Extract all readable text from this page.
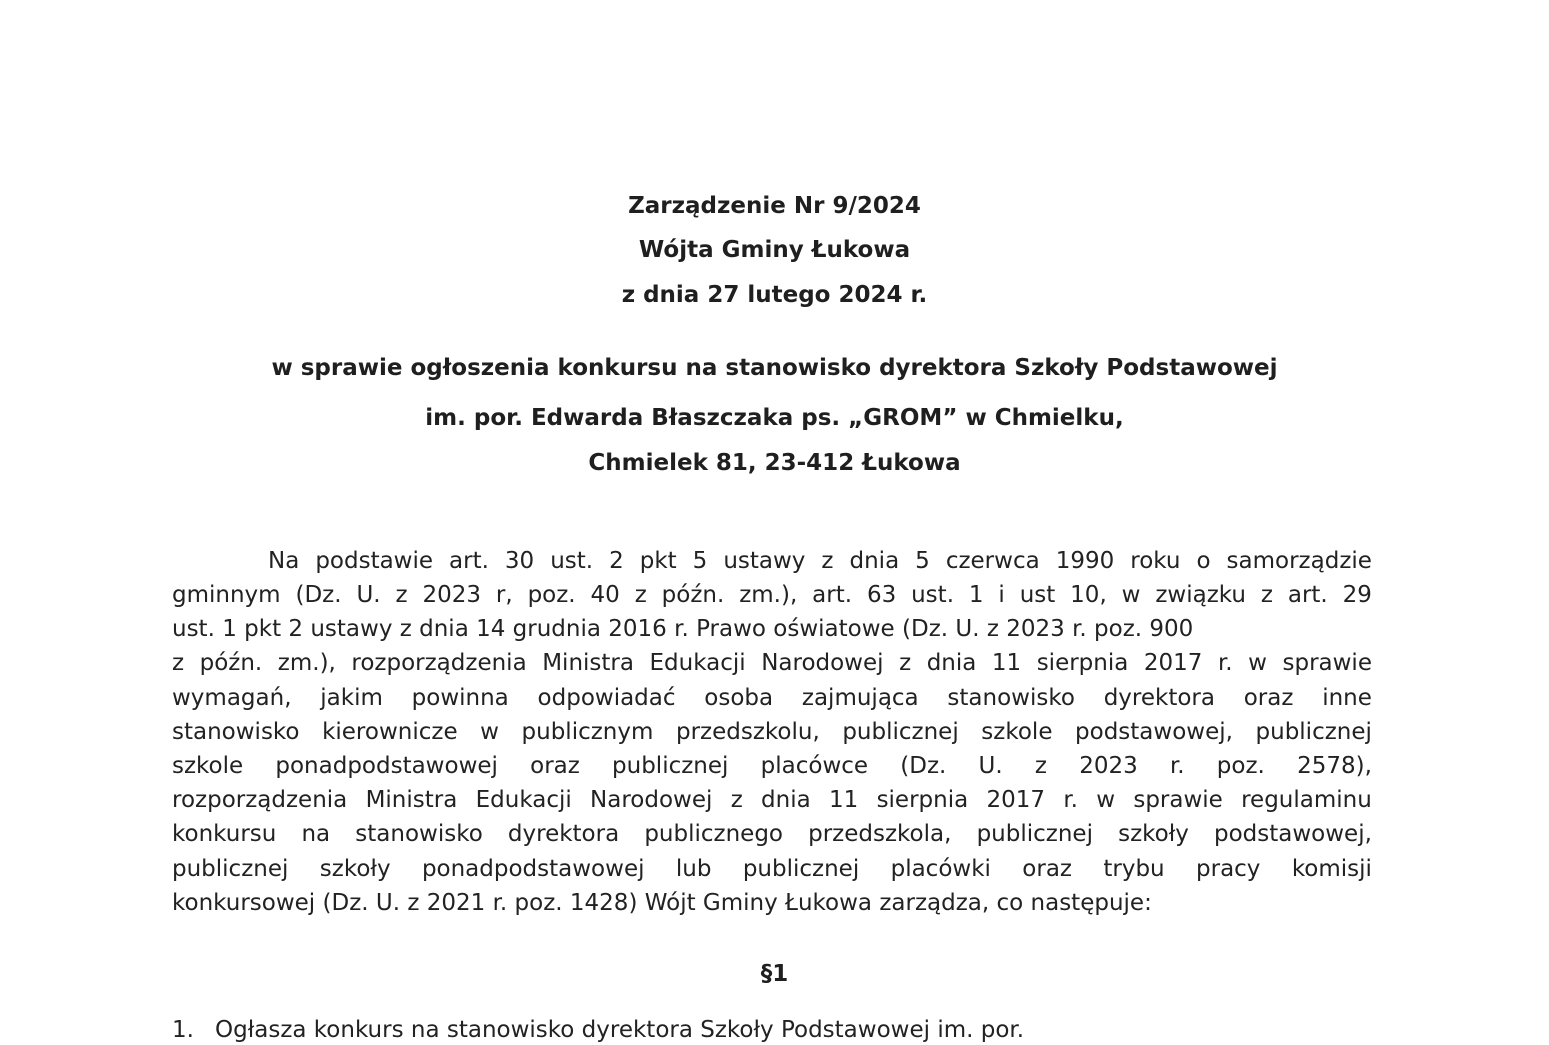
Zarządzenie Nr 9/2024
Wójta Gminy Łukowa
z dnia 27 lutego 2024 r.
w sprawie ogłoszenia konkursu na stanowisko dyrektora Szkoły Podstawowej
im. por. Edwarda Błaszczaka ps. „GROM” w Chmielku,
Chmielek 81, 23-412 Łukowa
Na podstawie art. 30 ust. 2 pkt 5 ustawy z dnia 5 czerwca 1990 roku o samorządzie
gminnym (Dz. U. z 2023 r, poz. 40 z późn. zm.), art. 63 ust. 1 i ust 10, w związku z art. 29
ust. 1 pkt 2 ustawy z dnia 14 grudnia 2016 r. Prawo oświatowe (Dz. U. z 2023 r. poz. 900
z późn. zm.), rozporządzenia Ministra Edukacji Narodowej z dnia 11 sierpnia 2017 r. w sprawie
wymagań, jakim powinna odpowiadać osoba zajmująca stanowisko dyrektora oraz inne
stanowisko kierownicze w publicznym przedszkolu, publicznej szkole podstawowej, publicznej
szkole ponadpodstawowej oraz publicznej placówce (Dz. U. z 2023 r. poz. 2578),
rozporządzenia Ministra Edukacji Narodowej z dnia 11 sierpnia 2017 r. w sprawie regulaminu
konkursu na stanowisko dyrektora publicznego przedszkola, publicznej szkoły podstawowej,
publicznej szkoły ponadpodstawowej lub publicznej placówki oraz trybu pracy komisji
konkursowej (Dz. U. z 2021 r. poz. 1428) Wójt Gminy Łukowa zarządza, co następuje:
§1
1. Ogłasza konkurs na stanowisko dyrektora Szkoły Podstawowej im. por.
